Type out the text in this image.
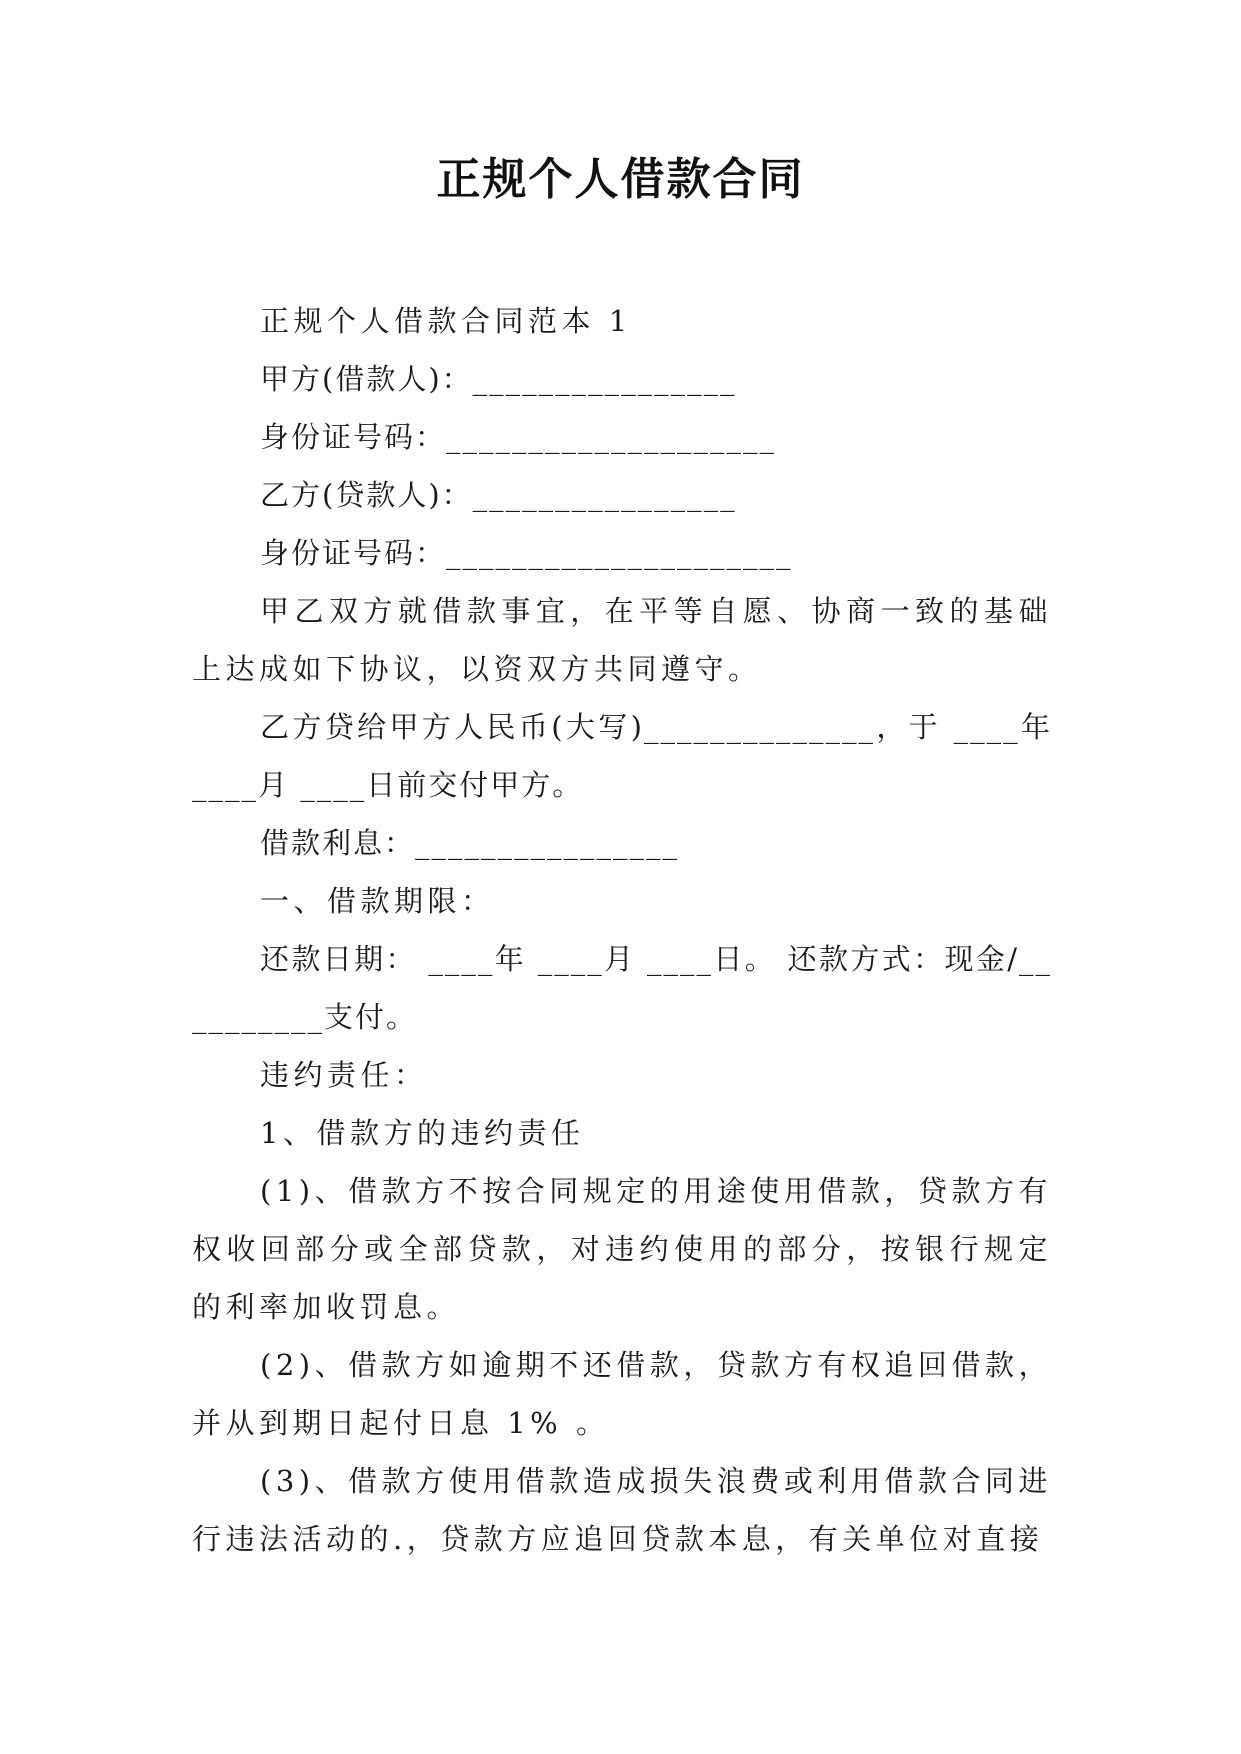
正规个人借款合同

正规个人借款合同范本 1

甲方(借款人)：________________

身份证号码：____________________

乙方(贷款人)：________________

身份证号码：_____________________

甲乙双方就借款事宜，在平等自愿、协商一致的基础上达成如下协议，以资双方共同遵守。

乙方贷给甲方人民币(大写)______________，于 ____年 ____月 ____日前交付甲方。

借款利息：________________

一、借款期限：

还款日期： ____年 ____月 ____日。 还款方式：现金/__________支付。

违约责任：

1、借款方的违约责任

(1)、借款方不按合同规定的用途使用借款，贷款方有权收回部分或全部贷款，对违约使用的部分，按银行规定的利率加收罚息。

(2)、借款方如逾期不还借款，贷款方有权追回借款，并从到期日起付日息 1% 。

(3)、借款方使用借款造成损失浪费或利用借款合同进行违法活动的.，贷款方应追回贷款本息，有关单位对直接
